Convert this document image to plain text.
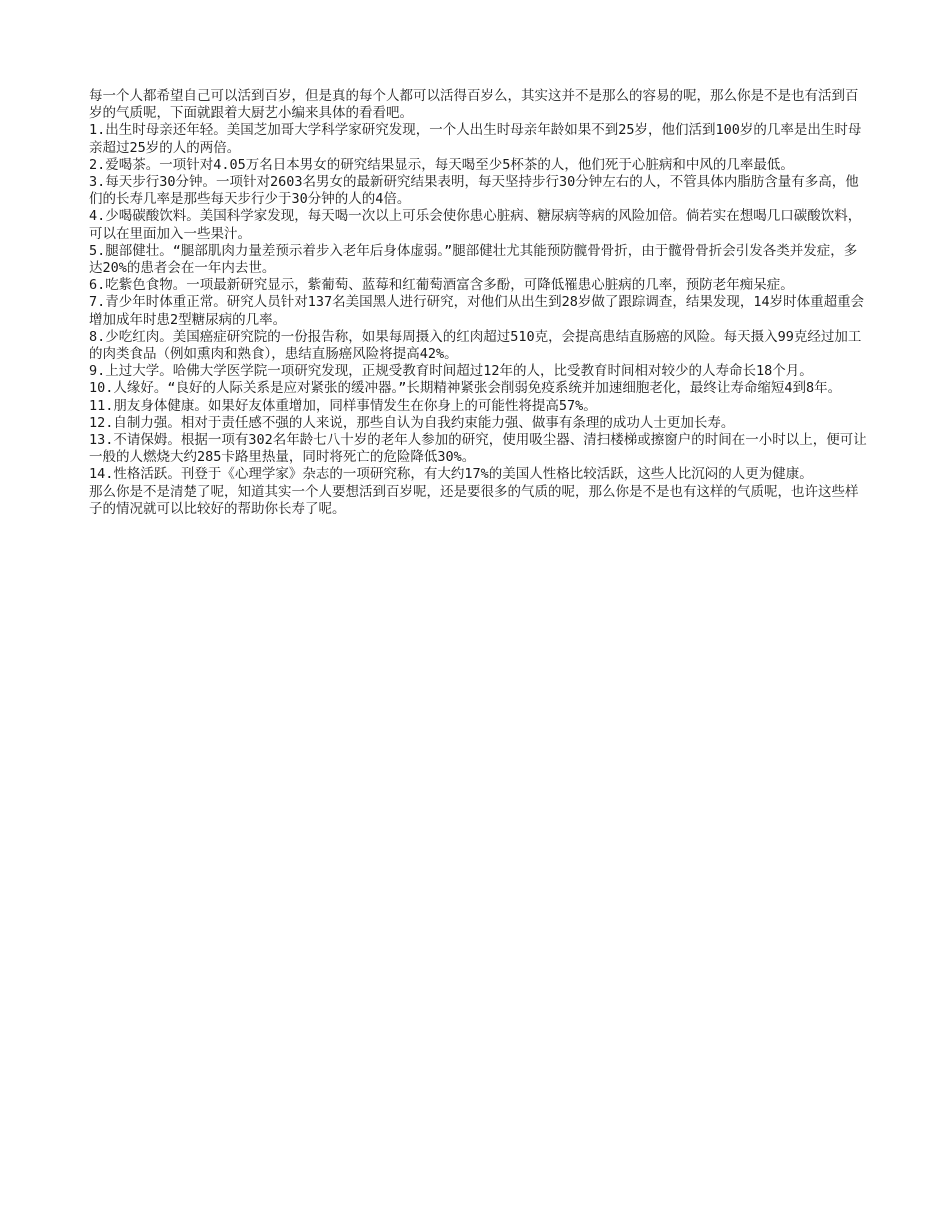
每一个人都希望自己可以活到百岁，但是真的每个人都可以活得百岁么，其实这并不是那么的容易的呢，那么你是不是也有活到百岁的气质呢，下面就跟着大厨艺小编来具体的看看吧。

1.出生时母亲还年轻。美国芝加哥大学科学家研究发现，一个人出生时母亲年龄如果不到25岁，他们活到100岁的几率是出生时母亲超过25岁的人的两倍。

2.爱喝茶。一项针对4.05万名日本男女的研究结果显示，每天喝至少5杯茶的人，他们死于心脏病和中风的几率最低。

3.每天步行30分钟。一项针对2603名男女的最新研究结果表明，每天坚持步行30分钟左右的人，不管具体内脂肪含量有多高，他们的长寿几率是那些每天步行少于30分钟的人的4倍。

4.少喝碳酸饮料。美国科学家发现，每天喝一次以上可乐会使你患心脏病、糖尿病等病的风险加倍。倘若实在想喝几口碳酸饮料，可以在里面加入一些果汁。

5.腿部健壮。“腿部肌肉力量差预示着步入老年后身体虚弱。”腿部健壮尤其能预防髋骨骨折，由于髋骨骨折会引发各类并发症，多达20%的患者会在一年内去世。

6.吃紫色食物。一项最新研究显示，紫葡萄、蓝莓和红葡萄酒富含多酚，可降低罹患心脏病的几率，预防老年痴呆症。

7.青少年时体重正常。研究人员针对137名美国黑人进行研究，对他们从出生到28岁做了跟踪调查，结果发现，14岁时体重超重会增加成年时患2型糖尿病的几率。

8.少吃红肉。美国癌症研究院的一份报告称，如果每周摄入的红肉超过510克，会提高患结直肠癌的风险。每天摄入99克经过加工的肉类食品（例如熏肉和熟食），患结直肠癌风险将提高42%。

9.上过大学。哈佛大学医学院一项研究发现，正规受教育时间超过12年的人，比受教育时间相对较少的人寿命长18个月。

10.人缘好。“良好的人际关系是应对紧张的缓冲器。”长期精神紧张会削弱免疫系统并加速细胞老化，最终让寿命缩短4到8年。

11.朋友身体健康。如果好友体重增加，同样事情发生在你身上的可能性将提高57%。

12.自制力强。相对于责任感不强的人来说，那些自认为自我约束能力强、做事有条理的成功人士更加长寿。

13.不请保姆。根据一项有302名年龄七八十岁的老年人参加的研究，使用吸尘器、清扫楼梯或擦窗户的时间在一小时以上，便可让一般的人燃烧大约285卡路里热量，同时将死亡的危险降低30%。

14.性格活跃。刊登于《心理学家》杂志的一项研究称，有大约17%的美国人性格比较活跃，这些人比沉闷的人更为健康。

那么你是不是清楚了呢，知道其实一个人要想活到百岁呢，还是要很多的气质的呢，那么你是不是也有这样的气质呢，也许这些样子的情况就可以比较好的帮助你长寿了呢。
